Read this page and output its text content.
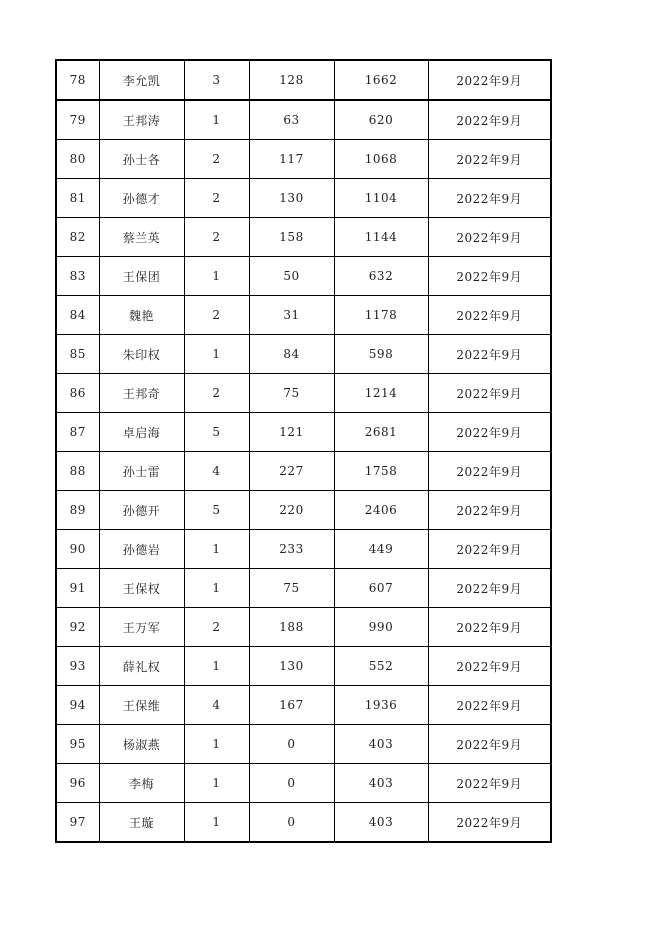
78	李允凯	3	128	1662	2022年9月
79	王邦涛	1	63	620	2022年9月
80	孙士各	2	117	1068	2022年9月
81	孙德才	2	130	1104	2022年9月
82	蔡兰英	2	158	1144	2022年9月
83	王保团	1	50	632	2022年9月
84	魏艳	2	31	1178	2022年9月
85	朱印权	1	84	598	2022年9月
86	王邦奇	2	75	1214	2022年9月
87	卓启海	5	121	2681	2022年9月
88	孙士雷	4	227	1758	2022年9月
89	孙德开	5	220	2406	2022年9月
90	孙德岩	1	233	449	2022年9月
91	王保权	1	75	607	2022年9月
92	王万军	2	188	990	2022年9月
93	薛礼权	1	130	552	2022年9月
94	王保维	4	167	1936	2022年9月
95	杨淑燕	1	0	403	2022年9月
96	李梅	1	0	403	2022年9月
97	王璇	1	0	403	2022年9月
